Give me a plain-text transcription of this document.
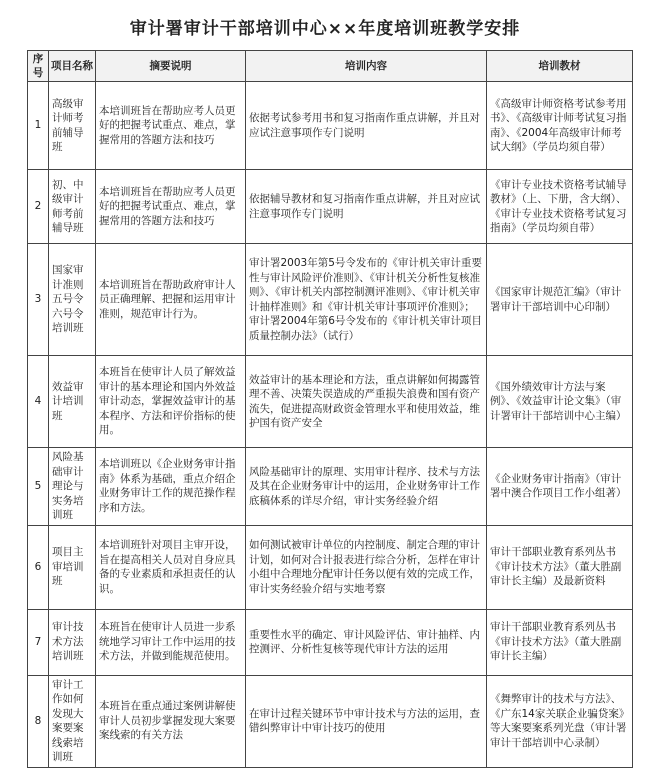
审计署审计干部培训中心××年度培训班教学安排
序号	项目名称	摘要说明	培训内容	培训教材
1	高级审计师考前辅导班	本培训班旨在帮助应考人员更好的把握考试重点、难点，掌握常用的答题方法和技巧	依据考试参考用书和复习指南作重点讲解，并且对应试注意事项作专门说明	《高级审计师资格考试参考用书》、《高级审计师考试复习指南》、《2004年高级审计师考试大纲》（学员均须自带）
2	初、中级审计师考前辅导班	本培训班旨在帮助应考人员更好的把握考试重点、难点，掌握常用的答题方法和技巧	依据辅导教材和复习指南作重点讲解，并且对应试注意事项作专门说明	《审计专业技术资格考试辅导教材》（上、下册，含大纲）、《审计专业技术资格考试复习指南》（学员均须自带）
3	国家审计准则五号令六号令培训班	本培训班旨在帮助政府审计人员正确理解、把握和运用审计准则，规范审计行为。	审计署2003年第5号令发布的《审计机关审计重要性与审计风险评价准则》、《审计机关分析性复核准则》、《审计机关内部控制测评准则》、《审计机关审计抽样准则》和《审计机关审计事项评价准则》；审计署2004年第6号令发布的《审计机关审计项目质量控制办法》（试行）	《国家审计规范汇编》（审计署审计干部培训中心印制）
4	效益审计培训班	本班旨在使审计人员了解效益审计的基本理论和国内外效益审计动态，掌握效益审计的基本程序、方法和评价指标的使用。	效益审计的基本理论和方法，重点讲解如何揭露管理不善、决策失误造成的严重损失浪费和国有资产流失，促进提高财政资金管理水平和使用效益，维护国有资产安全	《国外绩效审计方法与案例》、《效益审计论文集》（审计署审计干部培训中心主编）
5	风险基础审计理论与实务培训班	本培训班以《企业财务审计指南》体系为基础，重点介绍企业财务审计工作的规范操作程序和方法。	风险基础审计的原理、实用审计程序、技术与方法及其在企业财务审计中的运用，企业财务审计工作底稿体系的详尽介绍，审计实务经验介绍	《企业财务审计指南》（审计署中澳合作项目工作小组著）
6	项目主审培训班	本培训班针对项目主审开设，旨在提高相关人员对自身应具备的专业素质和承担责任的认识。	如何测试被审计单位的内控制度、制定合理的审计计划，如何对合计报表进行综合分析，怎样在审计小组中合理地分配审计任务以便有效的完成工作，审计实务经验介绍与实地考察	审计干部职业教育系列丛书《审计技术方法》（董大胜副审计长主编）及最新资料
7	审计技术方法培训班	本班旨在使审计人员进一步系统地学习审计工作中运用的技术方法，并做到能规范使用。	重要性水平的确定、审计风险评估、审计抽样、内控测评、分析性复核等现代审计方法的运用	审计干部职业教育系列丛书《审计技术方法》（董大胜副审计长主编）
8	审计工作如何发现大案要案线索培训班	本班旨在重点通过案例讲解使审计人员初步掌握发现大案要案线索的有关方法	在审计过程关键环节中审计技术与方法的运用，查错纠弊审计中审计技巧的使用	《舞弊审计的技术与方法》、《广东14家关联企业骗贷案》等大案要案系列光盘（审计署审计干部培训中心录制）
